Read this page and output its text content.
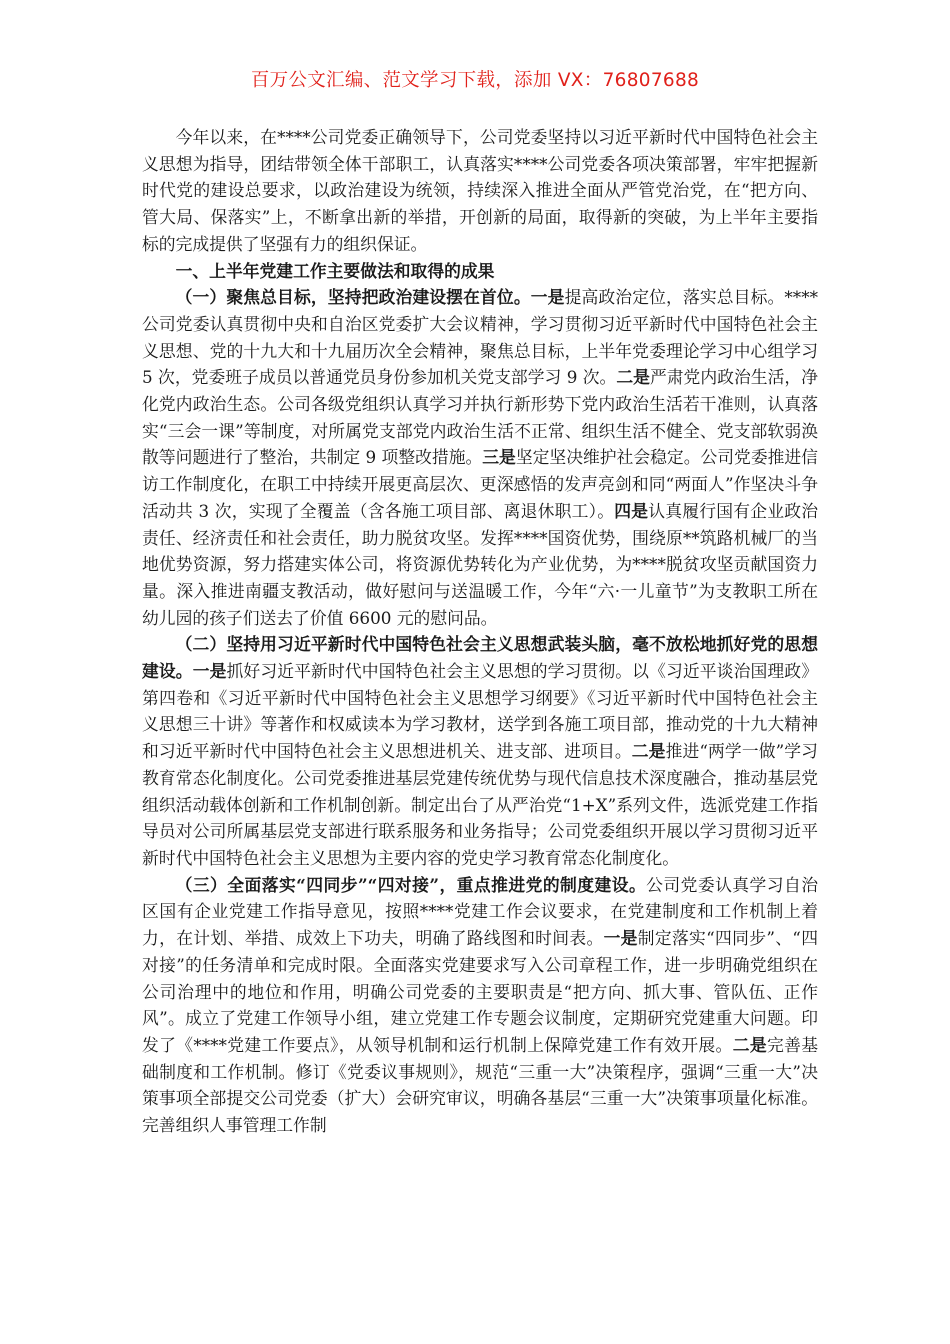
百万公文汇编、范文学习下载，添加 VX：76807688

今年以来，在****公司党委正确领导下，公司党委坚持以习近平新时代中国特色社会主义思想为指导，团结带领全体干部职工，认真落实****公司党委各项决策部署，牢牢把握新时代党的建设总要求，以政治建设为统领，持续深入推进全面从严管党治党，在“把方向、管大局、保落实”上，不断拿出新的举措，开创新的局面，取得新的突破，为上半年主要指标的完成提供了坚强有力的组织保证。

一、上半年党建工作主要做法和取得的成果

（一）聚焦总目标，坚持把政治建设摆在首位。一是提高政治定位，落实总目标。****公司党委认真贯彻中央和自治区党委扩大会议精神，学习贯彻习近平新时代中国特色社会主义思想、党的十九大和十九届历次全会精神，聚焦总目标，上半年党委理论学习中心组学习 5 次，党委班子成员以普通党员身份参加机关党支部学习 9 次。二是严肃党内政治生活，净化党内政治生态。公司各级党组织认真学习并执行新形势下党内政治生活若干准则，认真落实“三会一课”等制度，对所属党支部党内政治生活不正常、组织生活不健全、党支部软弱涣散等问题进行了整治，共制定 9 项整改措施。三是坚定坚决维护社会稳定。公司党委推进信访工作制度化，在职工中持续开展更高层次、更深感悟的发声亮剑和同“两面人”作坚决斗争活动共 3 次，实现了全覆盖（含各施工项目部、离退休职工）。四是认真履行国有企业政治责任、经济责任和社会责任，助力脱贫攻坚。发挥****国资优势，围绕原**筑路机械厂的当地优势资源，努力搭建实体公司，将资源优势转化为产业优势，为****脱贫攻坚贡献国资力量。深入推进南疆支教活动，做好慰问与送温暖工作，今年“六·一儿童节”为支教职工所在幼儿园的孩子们送去了价值 6600 元的慰问品。

（二）坚持用习近平新时代中国特色社会主义思想武装头脑，毫不放松地抓好党的思想建设。一是抓好习近平新时代中国特色社会主义思想的学习贯彻。以《习近平谈治国理政》第四卷和《习近平新时代中国特色社会主义思想学习纲要》《习近平新时代中国特色社会主义思想三十讲》等著作和权威读本为学习教材，送学到各施工项目部，推动党的十九大精神和习近平新时代中国特色社会主义思想进机关、进支部、进项目。二是推进“两学一做”学习教育常态化制度化。公司党委推进基层党建传统优势与现代信息技术深度融合，推动基层党组织活动载体创新和工作机制创新。制定出台了从严治党“1+X”系列文件，选派党建工作指导员对公司所属基层党支部进行联系服务和业务指导；公司党委组织开展以学习贯彻习近平新时代中国特色社会主义思想为主要内容的党史学习教育常态化制度化。

（三）全面落实“四同步”“四对接”，重点推进党的制度建设。公司党委认真学习自治区国有企业党建工作指导意见，按照****党建工作会议要求，在党建制度和工作机制上着力，在计划、举措、成效上下功夫，明确了路线图和时间表。一是制定落实“四同步”、“四对接”的任务清单和完成时限。全面落实党建要求写入公司章程工作，进一步明确党组织在公司治理中的地位和作用，明确公司党委的主要职责是“把方向、抓大事、管队伍、正作风”。成立了党建工作领导小组，建立党建工作专题会议制度，定期研究党建重大问题。印发了《****党建工作要点》，从领导机制和运行机制上保障党建工作有效开展。二是完善基础制度和工作机制。修订《党委议事规则》，规范“三重一大”决策程序，强调“三重一大”决策事项全部提交公司党委（扩大）会研究审议，明确各基层“三重一大”决策事项量化标准。完善组织人事管理工作制
